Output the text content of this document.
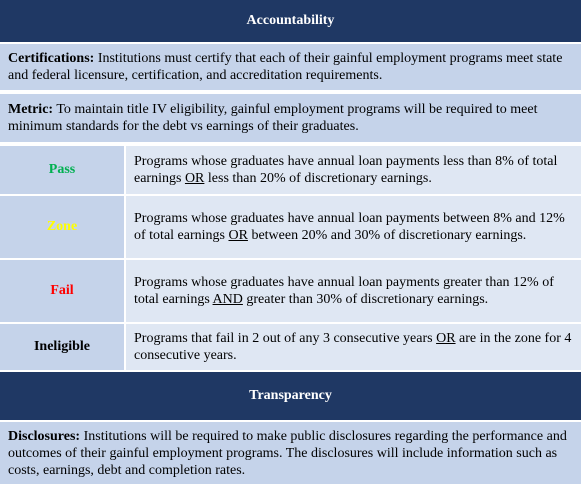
Accountability
Certifications: Institutions must certify that each of their gainful employment programs meet state and federal licensure, certification, and accreditation requirements.
Metric: To maintain title IV eligibility, gainful employment programs will be required to meet minimum standards for the debt vs earnings of their graduates.
Pass
Programs whose graduates have annual loan payments less than 8% of total earnings OR less than 20% of discretionary earnings.
Zone
Programs whose graduates have annual loan payments between 8% and 12% of total earnings OR between 20% and 30% of discretionary earnings.
Fail
Programs whose graduates have annual loan payments greater than 12% of total earnings AND greater than 30% of discretionary earnings.
Ineligible
Programs that fail in 2 out of any 3 consecutive years OR are in the zone for 4 consecutive years.
Transparency
Disclosures: Institutions will be required to make public disclosures regarding the performance and outcomes of their gainful employment programs. The disclosures will include information such as costs, earnings, debt and completion rates.
